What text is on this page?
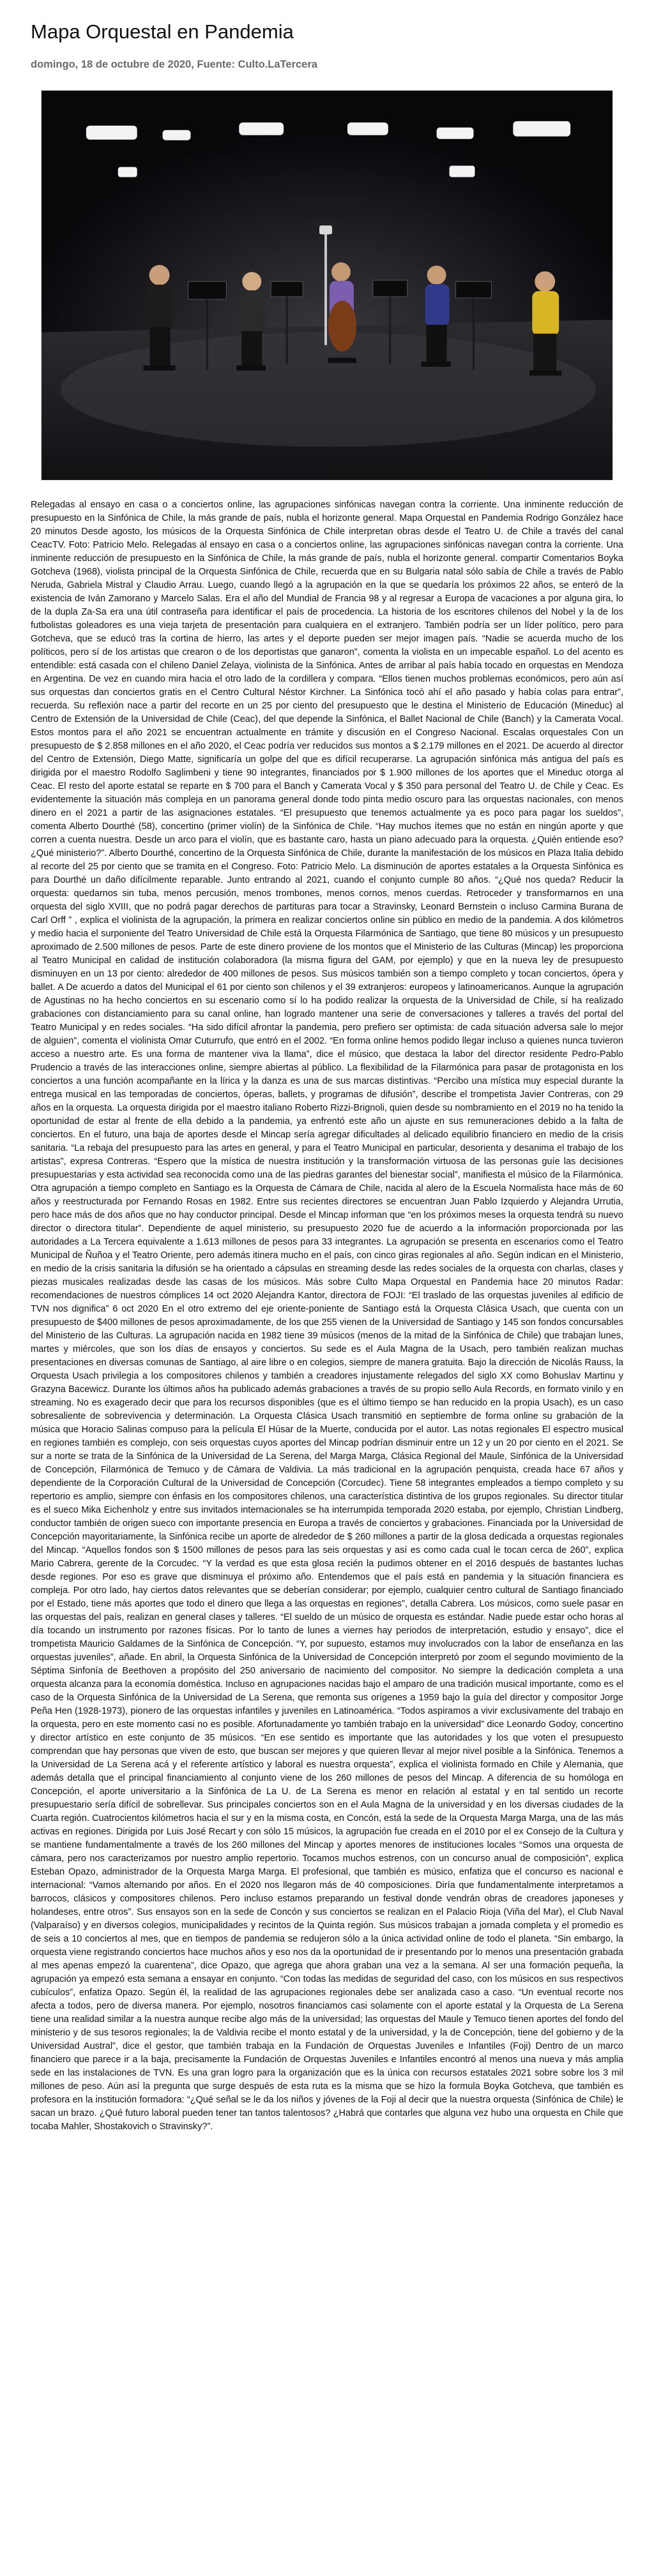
Mapa Orquestal en Pandemia
domingo, 18 de octubre de 2020, Fuente: Culto.LaTercera

Relegadas al ensayo en casa o a conciertos online, las agrupaciones sinfónicas navegan contra la corriente. Una inminente reducción de presupuesto en la Sinfónica de Chile, la más grande de país, nubla el horizonte general. Mapa Orquestal en Pandemia Rodrigo González hace 20 minutos Desde agosto, los músicos de la Orquesta Sinfónica de Chile interpretan obras desde el Teatro U. de Chile a través del canal CeacTV. Foto: Patricio Melo. Relegadas al ensayo en casa o a conciertos online, las agrupaciones sinfónicas navegan contra la corriente. Una inminente reducción de presupuesto en la Sinfónica de Chile, la más grande de país, nubla el horizonte general. compartir Comentarios Boyka Gotcheva (1968), violista principal de la Orquesta Sinfónica de Chile, recuerda que en su Bulgaria natal sólo sabía de Chile a través de Pablo Neruda, Gabriela Mistral y Claudio Arrau. Luego, cuando llegó a la agrupación en la que se quedaría los próximos 22 años, se enteró de la existencia de Iván Zamorano y Marcelo Salas. Era el año del Mundial de Francia 98 y al regresar a Europa de vacaciones a por alguna gira, lo de la dupla Za-Sa era una útil contraseña para identificar el país de procedencia. La historia de los escritores chilenos del Nobel y la de los futbolistas goleadores es una vieja tarjeta de presentación para cualquiera en el extranjero. También podría ser un líder político, pero para Gotcheva, que se educó tras la cortina de hierro, las artes y el deporte pueden ser mejor imagen país. “Nadie se acuerda mucho de los políticos, pero sí de los artistas que crearon o de los deportistas que ganaron”, comenta la violista en un impecable español. Lo del acento es entendible: está casada con el chileno Daniel Zelaya, violinista de la Sinfónica. Antes de arribar al país había tocado en orquestas en Mendoza en Argentina. De vez en cuando mira hacia el otro lado de la cordillera y compara. “Ellos tienen muchos problemas económicos, pero aún así sus orquestas dan conciertos gratis en el Centro Cultural Néstor Kirchner. La Sinfónica tocó ahí el año pasado y había colas para entrar”, recuerda. Su reflexión nace a partir del recorte en un 25 por ciento del presupuesto que le destina el Ministerio de Educación (Mineduc) al Centro de Extensión de la Universidad de Chile (Ceac), del que depende la Sinfónica, el Ballet Nacional de Chile (Banch) y la Camerata Vocal. Estos montos para el año 2021 se encuentran actualmente en trámite y discusión en el Congreso Nacional. Escalas orquestales Con un presupuesto de $ 2.858 millones en el año 2020, el Ceac podría ver reducidos sus montos a $ 2.179 millones en el 2021. De acuerdo al director del Centro de Extensión, Diego Matte, significaría un golpe del que es difícil recuperarse. La agrupación sinfónica más antigua del país es dirigida por el maestro Rodolfo Saglimbeni y tiene 90 integrantes, financiados por $ 1.900 millones de los aportes que el Mineduc otorga al Ceac. El resto del aporte estatal se reparte en $ 700 para el Banch y Camerata Vocal y $ 350 para personal del Teatro U. de Chile y Ceac. Es evidentemente la situación más compleja en un panorama general donde todo pinta medio oscuro para las orquestas nacionales, con menos dinero en el 2021 a partir de las asignaciones estatales. “El presupuesto que tenemos actualmente ya es poco para pagar los sueldos”, comenta Alberto Dourthé (58), concertino (primer violín) de la Sinfónica de Chile. “Hay muchos ítemes que no están en ningún aporte y que corren a cuenta nuestra. Desde un arco para el violín, que es bastante caro, hasta un piano adecuado para la orquesta. ¿Quién entiende eso?¿Qué ministerio?”. Alberto Dourthé, concertino de la Orquesta Sinfónica de Chile, durante la manifestación de los músicos en Plaza Italia debido al recorte del 25 por ciento que se tramita en el Congreso. Foto: Patricio Melo. La disminución de aportes estatales a la Orquesta Sinfónica es para Dourthé un daño difícilmente reparable. Junto entrando al 2021, cuando el conjunto cumple 80 años. “¿Qué nos queda? Reducir la orquesta: quedarnos sin tuba, menos percusión, menos trombones, menos cornos, menos cuerdas. Retroceder y transformarnos en una orquesta del siglo XVIII, que no podrá pagar derechos de partituras para tocar a Stravinsky, Leonard Bernstein o incluso Carmina Burana de Carl Orff ” , explica el violinista de la agrupación, la primera en realizar conciertos online sin público en medio de la pandemia. A dos kilómetros y medio hacia el surponiente del Teatro Universidad de Chile está la Orquesta Filarmónica de Santiago, que tiene 80 músicos y un presupuesto aproximado de 2.500 millones de pesos. Parte de este dinero proviene de los montos que el Ministerio de las Culturas (Mincap) les proporciona al Teatro Municipal en calidad de institución colaboradora (la misma figura del GAM, por ejemplo) y que en la nueva ley de presupuesto disminuyen en un 13 por ciento: alrededor de 400 millones de pesos. Sus músicos también son a tiempo completo y tocan conciertos, ópera y ballet. A De acuerdo a datos del Municipal el 61 por ciento son chilenos y el 39 extranjeros: europeos y latinoamericanos. Aunque la agrupación de Agustinas no ha hecho conciertos en su escenario como sí lo ha podido realizar la orquesta de la Universidad de Chile, sí ha realizado grabaciones con distanciamiento para su canal online, han logrado mantener una serie de conversaciones y talleres a través del portal del Teatro Municipal y en redes sociales. “Ha sido difícil afrontar la pandemia, pero prefiero ser optimista: de cada situación adversa sale lo mejor de alguien”, comenta el violinista Omar Cuturrufo, que entró en el 2002. “En forma online hemos podido llegar incluso a quienes nunca tuvieron acceso a nuestro arte. Es una forma de mantener viva la llama”, dice el músico, que destaca la labor del director residente Pedro-Pablo Prudencio a través de las interacciones online, siempre abiertas al público. La flexibilidad de la Filarmónica para pasar de protagonista en los conciertos a una función acompañante en la lírica y la danza es una de sus marcas distintivas. “Percibo una mística muy especial durante la entrega musical en las temporadas de conciertos, óperas, ballets, y programas de difusión”, describe el trompetista Javier Contreras, con 29 años en la orquesta. La orquesta dirigida por el maestro italiano Roberto Rizzi-Brignoli, quien desde su nombramiento en el 2019 no ha tenido la oportunidad de estar al frente de ella debido a la pandemia, ya enfrentó este año un ajuste en sus remuneraciones debido a la falta de conciertos. En el futuro, una baja de aportes desde el Mincap sería agregar dificultades al delicado equilibrio financiero en medio de la crisis sanitaria. “La rebaja del presupuesto para las artes en general, y para el Teatro Municipal en particular, desorienta y desanima el trabajo de los artistas”, expresa Contreras. “Espero que la mística de nuestra institución y la transformación virtuosa de las personas guíe las decisiones presupuestarias y esta actividad sea reconocida como una de las piedras garantes del bienestar social”, manifiesta el músico de la Filarmónica. Otra agrupación a tiempo completo en Santiago es la Orquesta de Cámara de Chile, nacida al alero de la Escuela Normalista hace más de 60 años y reestructurada por Fernando Rosas en 1982. Entre sus recientes directores se encuentran Juan Pablo Izquierdo y Alejandra Urrutia, pero hace más de dos años que no hay conductor principal. Desde el Mincap informan que “en los próximos meses la orquesta tendrá su nuevo director o directora titular”. Dependiente de aquel ministerio, su presupuesto 2020 fue de acuerdo a la información proporcionada por las autoridades a La Tercera equivalente a 1.613 millones de pesos para 33 integrantes. La agrupación se presenta en escenarios como el Teatro Municipal de Ñuñoa y el Teatro Oriente, pero además itinera mucho en el país, con cinco giras regionales al año. Según indican en el Ministerio, en medio de la crisis sanitaria la difusión se ha orientado a cápsulas en streaming desde las redes sociales de la orquesta con charlas, clases y piezas musicales realizadas desde las casas de los músicos. Más sobre Culto Mapa Orquestal en Pandemia hace 20 minutos Radar: recomendaciones de nuestros cómplices 14 oct 2020 Alejandra Kantor, directora de FOJI: “El traslado de las orquestas juveniles al edificio de TVN nos dignifica” 6 oct 2020 En el otro extremo del eje oriente-poniente de Santiago está la Orquesta Clásica Usach, que cuenta con un presupuesto de $400 millones de pesos aproximadamente, de los que 255 vienen de la Universidad de Santiago y 145 son fondos concursables del Ministerio de las Culturas. La agrupación nacida en 1982 tiene 39 músicos (menos de la mitad de la Sinfónica de Chile) que trabajan lunes, martes y miércoles, que son los días de ensayos y conciertos. Su sede es el Aula Magna de la Usach, pero también realizan muchas presentaciones en diversas comunas de Santiago, al aire libre o en colegios, siempre de manera gratuita. Bajo la dirección de Nicolás Rauss, la Orquesta Usach privilegia a los compositores chilenos y también a creadores injustamente relegados del siglo XX como Bohuslav Martinu y Grazyna Bacewicz. Durante los últimos años ha publicado además grabaciones a través de su propio sello Aula Records, en formato vinilo y en streaming. No es exagerado decir que para los recursos disponibles (que es el último tiempo se han reducido en la propia Usach), es un caso sobresaliente de sobrevivencia y determinación. La Orquesta Clásica Usach transmitió en septiembre de forma online su grabación de la música que Horacio Salinas compuso para la película El Húsar de la Muerte, conducida por el autor. Las notas regionales El espectro musical en regiones también es complejo, con seis orquestas cuyos aportes del Mincap podrían disminuir entre un 12 y un 20 por ciento en el 2021. Se sur a norte se trata de la Sinfónica de la Universidad de La Serena, del Marga Marga, Clásica Regional del Maule, Sinfónica de la Universidad de Concepción, Filarmónica de Temuco y de Cámara de Valdivia. La más tradicional en la agrupación penquista, creada hace 67 años y dependiente de la Corporación Cultural de la Universidad de Concepción (Corcudec). Tiene 58 integrantes empleados a tiempo completo y su repertorio es amplio, siempre con énfasis en los compositores chilenos, una característica distintiva de los grupos regionales. Su director titular es el sueco Mika Eichenholz y entre sus invitados internacionales se ha interrumpida temporada 2020 estaba, por ejemplo, Christian Lindberg, conductor también de origen sueco con importante presencia en Europa a través de conciertos y grabaciones. Financiada por la Universidad de Concepción mayoritariamente, la Sinfónica recibe un aporte de alrededor de $ 260 millones a partir de la glosa dedicada a orquestas regionales del Mincap. “Aquellos fondos son $ 1500 millones de pesos para las seis orquestas y así es como cada cual le tocan cerca de 260”, explica Mario Cabrera, gerente de la Corcudec. “Y la verdad es que esta glosa recién la pudimos obtener en el 2016 después de bastantes luchas desde regiones. Por eso es grave que disminuya el próximo año. Entendemos que el país está en pandemia y la situación financiera es compleja. Por otro lado, hay ciertos datos relevantes que se deberían considerar; por ejemplo, cualquier centro cultural de Santiago financiado por el Estado, tiene más aportes que todo el dinero que llega a las orquestas en regiones”, detalla Cabrera. Los músicos, como suele pasar en las orquestas del país, realizan en general clases y talleres. “El sueldo de un músico de orquesta es estándar. Nadie puede estar ocho horas al día tocando un instrumento por razones físicas. Por lo tanto de lunes a viernes hay periodos de interpretación, estudio y ensayo”, dice el trompetista Mauricio Galdames de la Sinfónica de Concepción. “Y, por supuesto, estamos muy involucrados con la labor de enseñanza en las orquestas juveniles”, añade. En abril, la Orquesta Sinfónica de la Universidad de Concepción interpretó por zoom el segundo movimiento de la Séptima Sinfonía de Beethoven a propósito del 250 aniversario de nacimiento del compositor. No siempre la dedicación completa a una orquesta alcanza para la economía doméstica. Incluso en agrupaciones nacidas bajo el amparo de una tradición musical importante, como es el caso de la Orquesta Sinfónica de la Universidad de La Serena, que remonta sus orígenes a 1959 bajo la guía del director y compositor Jorge Peña Hen (1928-1973), pionero de las orquestas infantiles y juveniles en Latinoamérica. “Todos aspiramos a vivir exclusivamente del trabajo en la orquesta, pero en este momento casi no es posible. Afortunadamente yo también trabajo en la universidad” dice Leonardo Godoy, concertino y director artístico en este conjunto de 35 músicos. “En ese sentido es importante que las autoridades y los que voten el presupuesto comprendan que hay personas que viven de esto, que buscan ser mejores y que quieren llevar al mejor nivel posible a la Sinfónica. Tenemos a la Universidad de La Serena acá y el referente artístico y laboral es nuestra orquesta”, explica el violinista formado en Chile y Alemania, que además detalla que el principal financiamiento al conjunto viene de los 260 millones de pesos del Mincap. A diferencia de su homóloga en Concepción, el aporte universitario a la Sinfónica de La U. de La Serena es menor en relación al estatal y en tal sentido un recorte presupuestario sería difícil de sobrellevar. Sus principales conciertos son en el Aula Magna de la universidad y en los diversas ciudades de la Cuarta región. Cuatrocientos kilómetros hacia el sur y en la misma costa, en Concón, está la sede de la Orquesta Marga Marga, una de las más activas en regiones. Dirigida por Luis José Recart y con sólo 15 músicos, la agrupación fue creada en el 2010 por el ex Consejo de la Cultura y se mantiene fundamentalmente a través de los 260 millones del Mincap y aportes menores de instituciones locales “Somos una orquesta de cámara, pero nos caracterizamos por nuestro amplio repertorio. Tocamos muchos estrenos, con un concurso anual de composición”, explica Esteban Opazo, administrador de la Orquesta Marga Marga. El profesional, que también es músico, enfatiza que el concurso es nacional e internacional: “Vamos alternando por años. En el 2020 nos llegaron más de 40 composiciones. Diría que fundamentalmente interpretamos a barrocos, clásicos y compositores chilenos. Pero incluso estamos preparando un festival donde vendrán obras de creadores japoneses y holandeses, entre otros”. Sus ensayos son en la sede de Concón y sus conciertos se realizan en el Palacio Rioja (Viña del Mar), el Club Naval (Valparaíso) y en diversos colegios, municipalidades y recintos de la Quinta región. Sus músicos trabajan a jornada completa y el promedio es de seis a 10 conciertos al mes, que en tiempos de pandemia se redujeron sólo a la única actividad online de todo el planeta. “Sin embargo, la orquesta viene registrando conciertos hace muchos años y eso nos da la oportunidad de ir presentando por lo menos una presentación grabada al mes apenas empezó la cuarentena”, dice Opazo, que agrega que ahora graban una vez a la semana. Al ser una formación pequeña, la agrupación ya empezó esta semana a ensayar en conjunto. “Con todas las medidas de seguridad del caso, con los músicos en sus respectivos cubículos”, enfatiza Opazo. Según él, la realidad de las agrupaciones regionales debe ser analizada caso a caso. “Un eventual recorte nos afecta a todos, pero de diversa manera. Por ejemplo, nosotros financiamos casi solamente con el aporte estatal y la Orquesta de La Serena tiene una realidad similar a la nuestra aunque recibe algo más de la universidad; las orquestas del Maule y Temuco tienen aportes del fondo del ministerio y de sus tesoros regionales; la de Valdivia recibe el monto estatal y de la universidad, y la de Concepción, tiene del gobierno y de la Universidad Austral”, dice el gestor, que también trabaja en la Fundación de Orquestas Juveniles e Infantiles (Foji) Dentro de un marco financiero que parece ir a la baja, precisamente la Fundación de Orquestas Juveniles e Infantiles encontró al menos una nueva y más amplia sede en las instalaciones de TVN. Es una gran logro para la organización que es la única con recursos estatales 2021 sobre sobre los 3 mil millones de peso. Aún así la pregunta que surge después de esta ruta es la misma que se hizo la formula Boyka Gotcheva, que también es profesora en la institución formadora: “¿Qué señal se le da los niños y jóvenes de la Foji al decir que la nuestra orquesta (Sinfónica de Chile) le sacan un brazo. ¿Qué futuro laboral pueden tener tan tantos talentosos? ¿Habrá que contarles que alguna vez hubo una orquesta en Chile que tocaba Mahler, Shostakovich o Stravinsky?”.
